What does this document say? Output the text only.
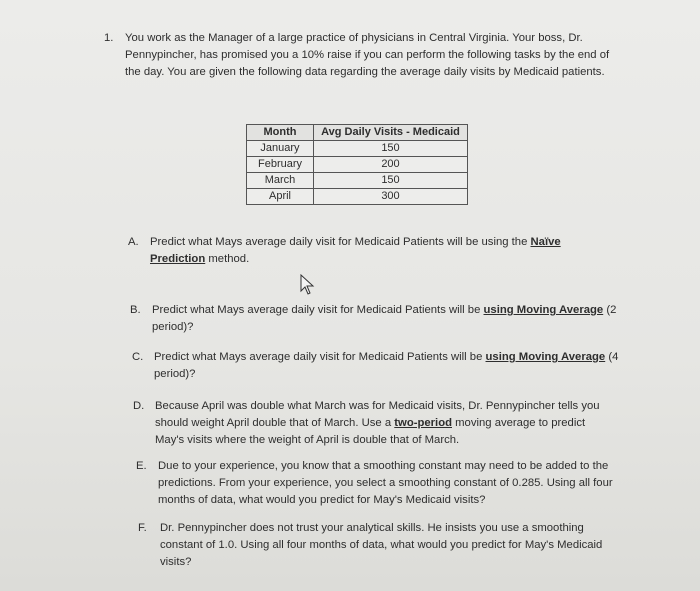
1. You work as the Manager of a large practice of physicians in Central Virginia. Your boss, Dr. Pennypincher, has promised you a 10% raise if you can perform the following tasks by the end of the day. You are given the following data regarding the average daily visits by Medicaid patients.
Month	Avg Daily Visits - Medicaid
January	150
February	200
March	150
April	300
A. Predict what Mays average daily visit for Medicaid Patients will be using the Naïve Prediction method.
B. Predict what Mays average daily visit for Medicaid Patients will be using Moving Average (2 period)?
C. Predict what Mays average daily visit for Medicaid Patients will be using Moving Average (4 period)?
D. Because April was double what March was for Medicaid visits, Dr. Pennypincher tells you should weight April double that of March. Use a two-period moving average to predict May's visits where the weight of April is double that of March.
E. Due to your experience, you know that a smoothing constant may need to be added to the predictions. From your experience, you select a smoothing constant of 0.285. Using all four months of data, what would you predict for May's Medicaid visits?
F. Dr. Pennypincher does not trust your analytical skills. He insists you use a smoothing constant of 1.0. Using all four months of data, what would you predict for May's Medicaid visits?
